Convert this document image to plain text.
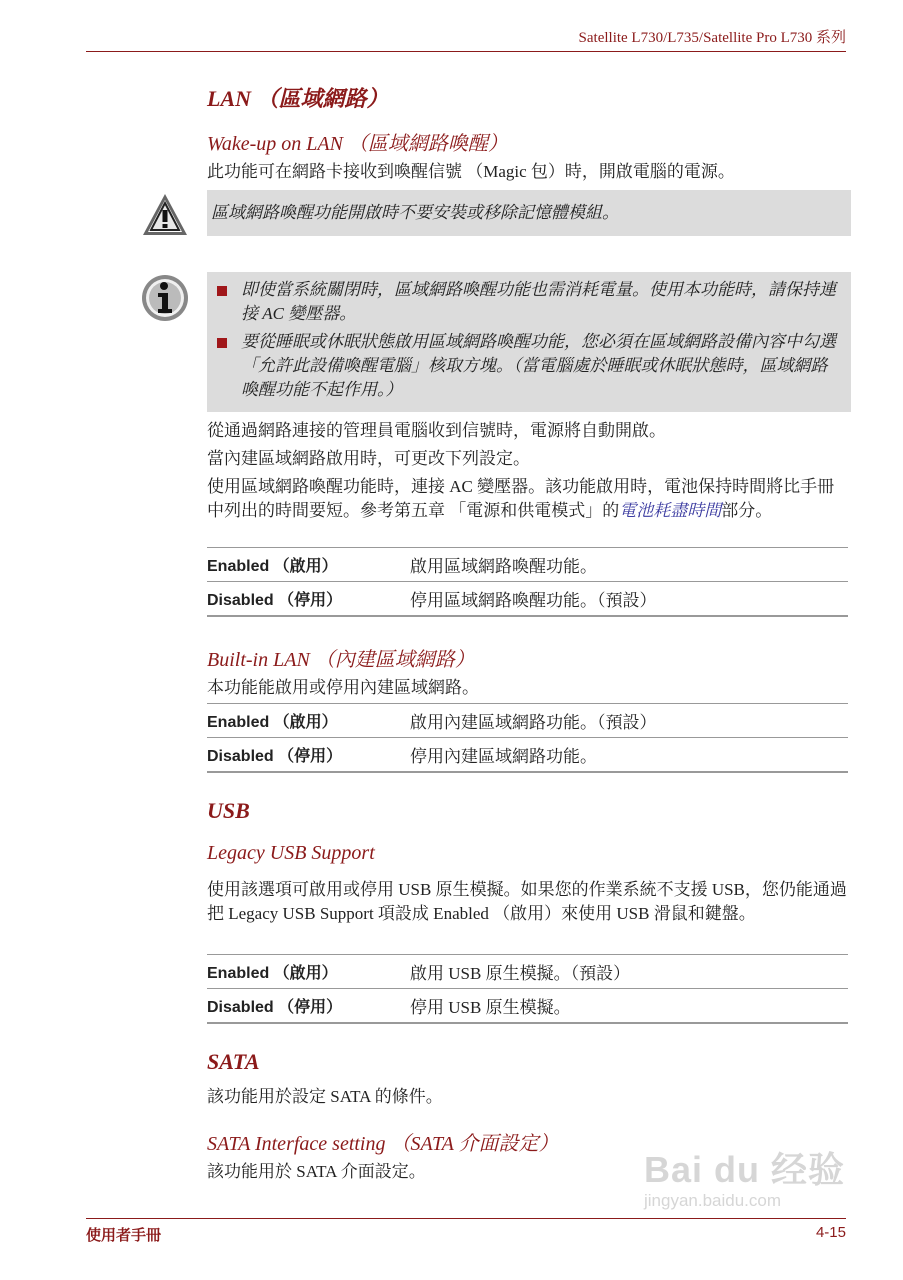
Satellite L730/L735/Satellite Pro L730 系列
LAN （區域網路）
Wake-up on LAN （區域網路喚醒）
此功能可在網路卡接收到喚醒信號 （Magic 包）時，開啟電腦的電源。
區域網路喚醒功能開啟時不要安裝或移除記憶體模組。
即使當系統關閉時，區域網路喚醒功能也需消耗電量。使用本功能時，請保持連接 AC 變壓器。
要從睡眠或休眠狀態啟用區域網路喚醒功能，您必須在區域網路設備內容中勾選 「允許此設備喚醒電腦」核取方塊。（當電腦處於睡眠或休眠狀態時，區域網路喚醒功能不起作用。）
從通過網路連接的管理員電腦收到信號時，電源將自動開啟。
當內建區域網路啟用時，可更改下列設定。
使用區域網路喚醒功能時，連接 AC 變壓器。該功能啟用時，電池保持時間將比手冊中列出的時間要短。參考第五章 「電源和供電模式」的電池耗盡時間部分。
Enabled （啟用）	啟用區域網路喚醒功能。
Disabled （停用）	停用區域網路喚醒功能。（預設）
Built-in LAN （內建區域網路）
本功能能啟用或停用內建區域網路。
Enabled （啟用）	啟用內建區域網路功能。（預設）
Disabled （停用）	停用內建區域網路功能。
USB
Legacy USB Support
使用該選項可啟用或停用 USB 原生模擬。如果您的作業系統不支援 USB，您仍能通過把 Legacy USB Support 項設成 Enabled （啟用）來使用 USB 滑鼠和鍵盤。
Enabled （啟用）	啟用 USB 原生模擬。（預設）
Disabled （停用）	停用 USB 原生模擬。
SATA
該功能用於設定 SATA 的條件。
SATA Interface setting （SATA 介面設定）
該功能用於 SATA 介面設定。	Bai du 经验
jingyan.baidu.com
使用者手冊	4-15
